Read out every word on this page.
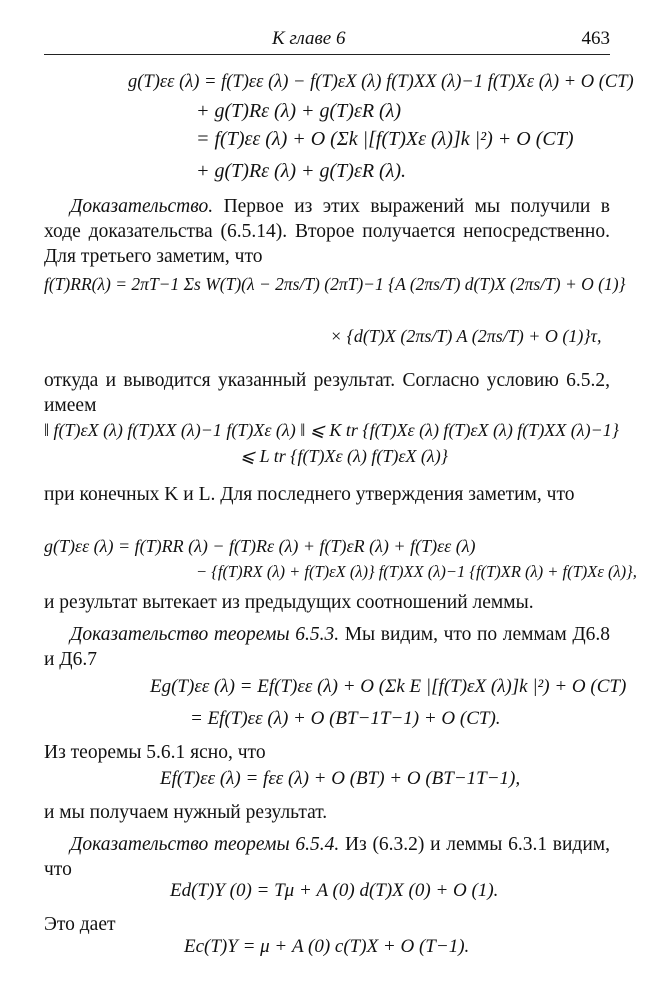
К главе 6	463
g(T)εε (λ) = f(T)εε (λ) − f(T)εX (λ) f(T)XX (λ)−1 f(T)Xε (λ) + O (CT)
+ g(T)Rε (λ) + g(T)εR (λ)
= f(T)εε (λ) + O (Σk |[f(T)Xε (λ)]k |²) + O (CT)
+ g(T)Rε (λ) + g(T)εR (λ).
Доказательство. Первое из этих выражений мы получили в ходе доказательства (6.5.14). Второе получается непосредственно. Для третьего заметим, что
f(T)RR(λ) = 2πT−1 Σs W(T)(λ − 2πs/T) (2πT)−1 {A (2πs/T) d(T)X (2πs/T) + O (1)}
× {d(T)X (2πs/T) A (2πs/T) + O (1)}τ,
откуда и выводится указанный результат. Согласно условию 6.5.2, имеем
‖ f(T)εX (λ) f(T)XX (λ)−1 f(T)Xε (λ) ‖ ⩽ K tr {f(T)Xε (λ) f(T)εX (λ) f(T)XX (λ)−1}
⩽ L tr {f(T)Xε (λ) f(T)εX (λ)}
при конечных K и L. Для последнего утверждения заметим, что
g(T)εε (λ) = f(T)RR (λ) − f(T)Rε (λ) + f(T)εR (λ) + f(T)εε (λ)
− {f(T)RX (λ) + f(T)εX (λ)} f(T)XX (λ)−1 {f(T)XR (λ) + f(T)Xε (λ)},
и результат вытекает из предыдущих соотношений леммы.
Доказательство теоремы 6.5.3. Мы видим, что по леммам Д6.8 и Д6.7
Eg(T)εε (λ) = Ef(T)εε (λ) + O (Σk E |[f(T)εX (λ)]k |²) + O (CT)
= Ef(T)εε (λ) + O (BT−1T−1) + O (CT).
Из теоремы 5.6.1 ясно, что
Ef(T)εε (λ) = fεε (λ) + O (BT) + O (BT−1T−1),
и мы получаем нужный результат.
Доказательство теоремы 6.5.4. Из (6.3.2) и леммы 6.3.1 видим, что
Ed(T)Y (0) = Tμ + A (0) d(T)X (0) + O (1).
Это дает
Ec(T)Y = μ + A (0) c(T)X + O (T−1).
